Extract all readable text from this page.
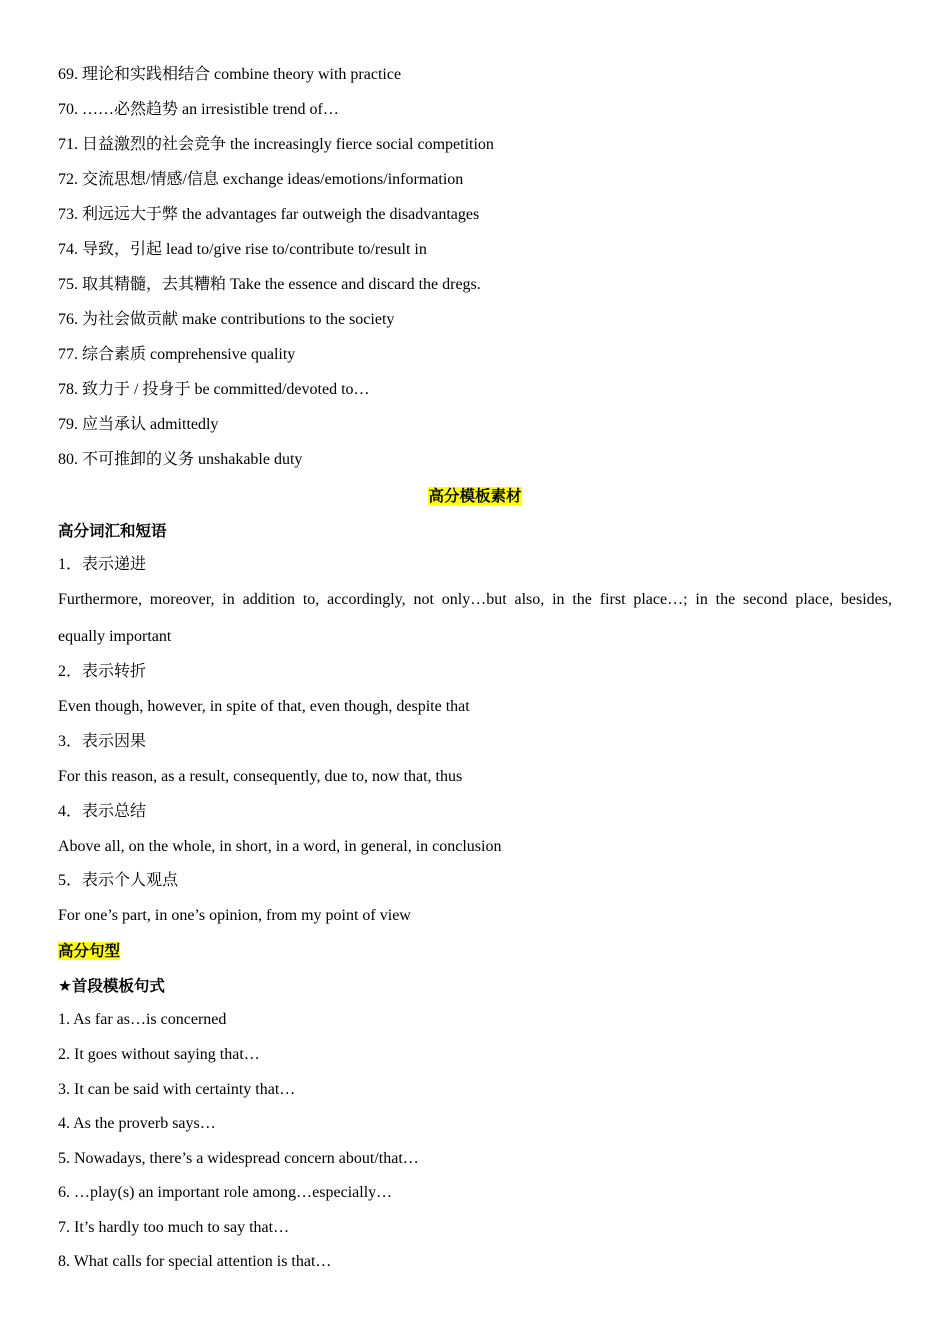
69. 理论和实践相结合 combine theory with practice
70. ……必然趋势 an irresistible trend of…
71. 日益激烈的社会竞争 the increasingly fierce social competition
72. 交流思想/情感/信息 exchange ideas/emotions/information
73. 利远远大于弊 the advantages far outweigh the disadvantages
74. 导致，引起 lead to/give rise to/contribute to/result in
75. 取其精髓，去其糟粕 Take the essence and discard the dregs.
76. 为社会做贡献 make contributions to the society
77. 综合素质 comprehensive quality
78. 致力于 / 投身于 be committed/devoted to…
79. 应当承认 admittedly
80. 不可推卸的义务 unshakable duty
高分模板素材
高分词汇和短语
1．表示递进
Furthermore, moreover, in addition to, accordingly, not only…but also, in the first place…; in the second place, besides,
equally important
2．表示转折
Even though, however, in spite of that, even though, despite that
3．表示因果
For this reason, as a result, consequently, due to, now that, thus
4．表示总结
Above all, on the whole, in short, in a word, in general, in conclusion
5．表示个人观点
For one’s part, in one’s opinion, from my point of view
高分句型
★首段模板句式
1. As far as…is concerned
2. It goes without saying that…
3. It can be said with certainty that…
4. As the proverb says…
5. Nowadays, there’s a widespread concern about/that…
6. …play(s) an important role among…especially…
7. It’s hardly too much to say that…
8. What calls for special attention is that…
